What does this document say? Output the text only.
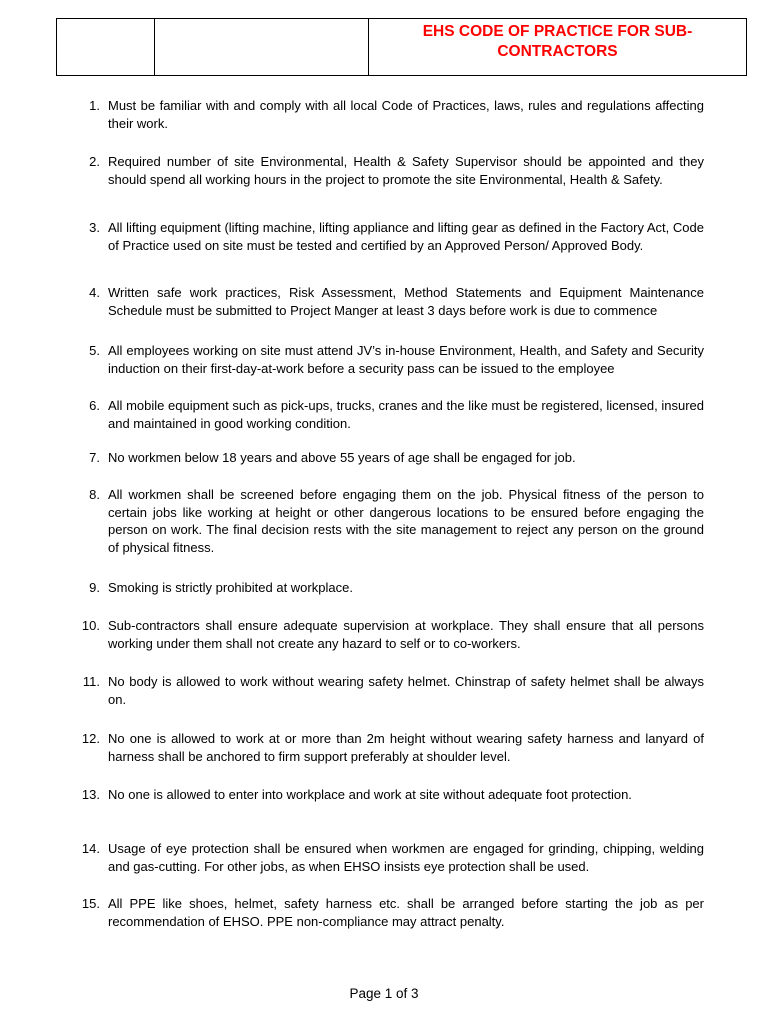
EHS CODE OF PRACTICE FOR SUB-
CONTRACTORS
1. Must be familiar with and comply with all local Code of Practices, laws, rules and regulations affecting their work.
2. Required number of site Environmental, Health & Safety Supervisor should be appointed and they should spend all working hours in the project to promote the site Environmental, Health & Safety.
3. All lifting equipment (lifting machine, lifting appliance and lifting gear as defined in the Factory Act, Code of Practice used on site must be tested and certified by an Approved Person/ Approved Body.
4. Written safe work practices, Risk Assessment, Method Statements and Equipment Maintenance Schedule must be submitted to Project Manger at least 3 days before work is due to commence
5. All employees working on site must attend JV’s in-house Environment, Health, and Safety and Security induction on their first-day-at-work before a security pass can be issued to the employee
6. All mobile equipment such as pick-ups, trucks, cranes and the like must be registered, licensed, insured and maintained in good working condition.
7. No workmen below 18 years and above 55 years of age shall be engaged for job.
8. All workmen shall be screened before engaging them on the job. Physical fitness of the person to certain jobs like working at height or other dangerous locations to be ensured before engaging the person on work. The final decision rests with the site management to reject any person on the ground of physical fitness.
9. Smoking is strictly prohibited at workplace.
10. Sub-contractors shall ensure adequate supervision at workplace. They shall ensure that all persons working under them shall not create any hazard to self or to co-workers.
11. No body is allowed to work without wearing safety helmet. Chinstrap of safety helmet shall be always on.
12. No one is allowed to work at or more than 2m height without wearing safety harness and lanyard of harness shall be anchored to firm support preferably at shoulder level.
13. No one is allowed to enter into workplace and work at site without adequate foot protection.
14. Usage of eye protection shall be ensured when workmen are engaged for grinding, chipping, welding and gas-cutting. For other jobs, as when EHSO insists eye protection shall be used.
15. All PPE like shoes, helmet, safety harness etc. shall be arranged before starting the job as per recommendation of EHSO. PPE non-compliance may attract penalty.
Page 1 of 3
